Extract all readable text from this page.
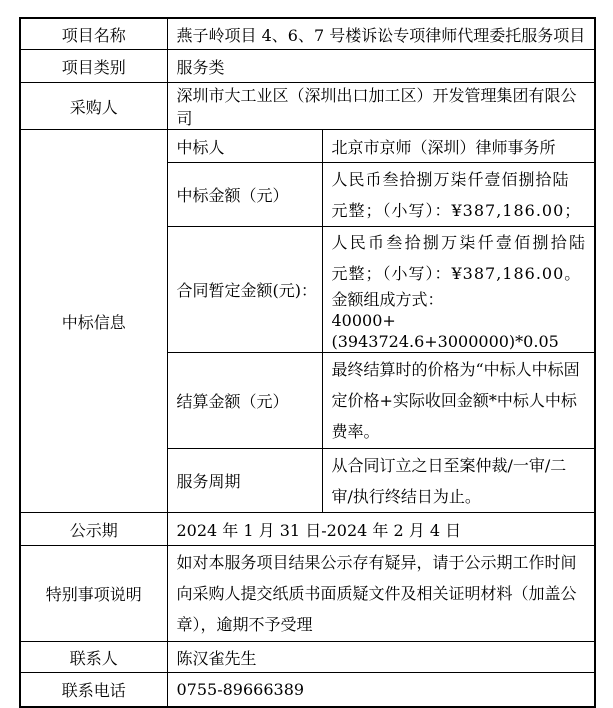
项目名称	燕子岭项目 4、6、7 号楼诉讼专项律师代理委托服务项目	
项目类别	服务类	
采购人	深圳市大工业区（深圳出口加工区）开发管理集团有限公司	
中标信息	中标人	北京市京师（深圳）律师事务所
	中标金额（元）	人民币叁拾捌万柒仟壹佰捌拾陆元整；（小写）：¥387,186.00；
	合同暂定金额(元)：	人民币叁拾捌万柒仟壹佰捌拾陆元整；（小写）：¥387,186.00。
金额组成方式：
40000+(3943724.6+3000000)*0.05

	结算金额（元）	最终结算时的价格为“中标人中标固定价格+实际收回金额*中标人中标费率。
	服务周期	从合同订立之日至案仲裁/一审/二审/执行终结日为止。
公示期	2024 年 1 月 31 日-2024 年 2 月 4 日	
特别事项说明	如对本服务项目结果公示存有疑异，请于公示期工作时间向采购人提交纸质书面质疑文件及相关证明材料（加盖公章），逾期不予受理	
联系人	陈汉雀先生	
联系电话	0755-89666389	
